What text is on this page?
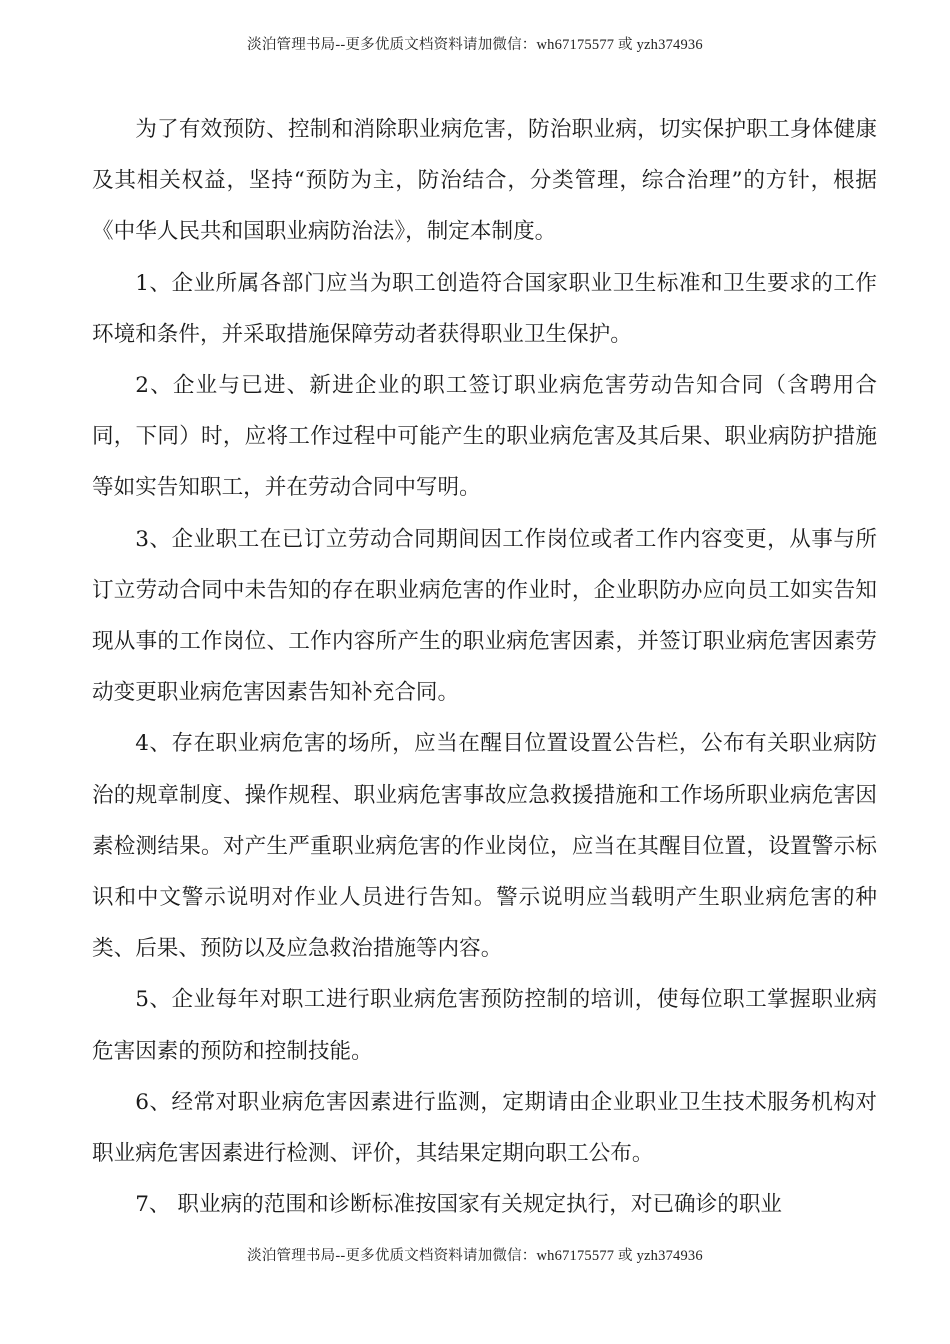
淡泊管理书局--更多优质文档资料请加微信：wh67175577 或 yzh374936

为了有效预防、控制和消除职业病危害，防治职业病，切实保护职工身体健康及其相关权益，坚持“预防为主，防治结合，分类管理，综合治理”的方针，根据《中华人民共和国职业病防治法》，制定本制度。

1、企业所属各部门应当为职工创造符合国家职业卫生标准和卫生要求的工作环境和条件，并采取措施保障劳动者获得职业卫生保护。

2、企业与已进、新进企业的职工签订职业病危害劳动告知合同（含聘用合同，下同）时，应将工作过程中可能产生的职业病危害及其后果、职业病防护措施等如实告知职工，并在劳动合同中写明。

3、企业职工在已订立劳动合同期间因工作岗位或者工作内容变更，从事与所订立劳动合同中未告知的存在职业病危害的作业时，企业职防办应向员工如实告知现从事的工作岗位、工作内容所产生的职业病危害因素，并签订职业病危害因素劳动变更职业病危害因素告知补充合同。

4、存在职业病危害的场所，应当在醒目位置设置公告栏，公布有关职业病防治的规章制度、操作规程、职业病危害事故应急救援措施和工作场所职业病危害因素检测结果。对产生严重职业病危害的作业岗位，应当在其醒目位置，设置警示标识和中文警示说明对作业人员进行告知。警示说明应当载明产生职业病危害的种类、后果、预防以及应急救治措施等内容。

5、企业每年对职工进行职业病危害预防控制的培训，使每位职工掌握职业病危害因素的预防和控制技能。

6、经常对职业病危害因素进行监测，定期请由企业职业卫生技术服务机构对职业病危害因素进行检测、评价，其结果定期向职工公布。

7、 职业病的范围和诊断标准按国家有关规定执行，对已确诊的职业

淡泊管理书局--更多优质文档资料请加微信：wh67175577 或 yzh374936
